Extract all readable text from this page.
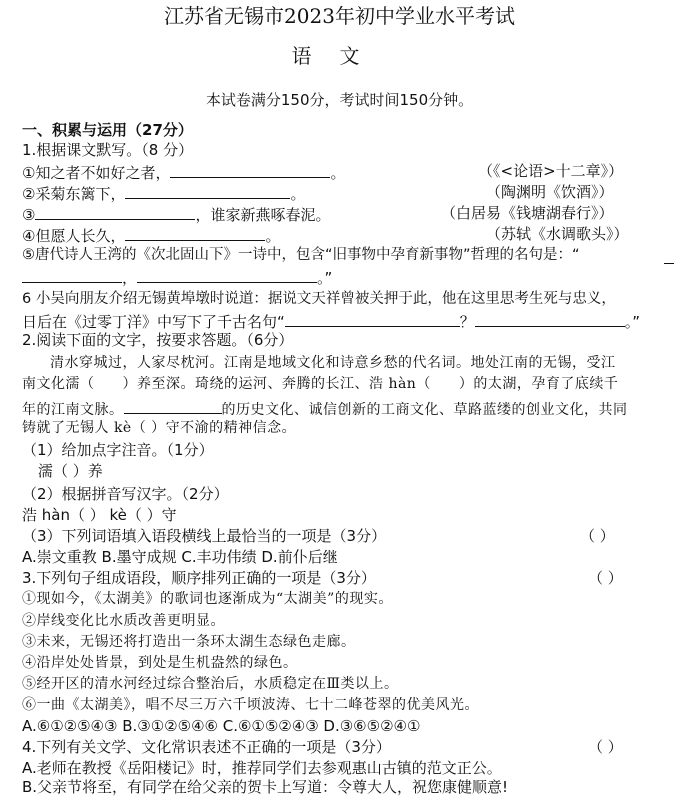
江苏省无锡市2023年初中学业水平考试
语文
本试卷满分150分，考试时间150分钟。
一、积累与运用（27分）
1.根据课文默写。（8 分）
①知之者不如好之者，	。	（《<论语>十二章》）
②采菊东篱下，	。	（陶渊明《饮酒》）
③	，谁家新燕啄春泥。	（白居易《钱塘湖春行》）
④但愿人长久，	。	（苏轼《水调歌头》）
⑤唐代诗人王湾的《次北固山下》一诗中，包含“旧事物中孕育新事物”哲理的名句是：“
，	。”
6 小吴向朋友介绍无锡黄埠墩时说道：据说文天祥曾被关押于此，他在这里思考生死与忠义，
日后在《过零丁洋》中写下了千古名句“	？	。”
2.阅读下面的文字，按要求答题。（6分）
清水穿城过，人家尽枕河。江南是地域文化和诗意乡愁的代名词。地处江南的无锡，受江
南文化濡（ ）养至深。琦绕的运河、奔腾的长江、浩 hàn（ ）的太湖，孕育了底续千
年的江南文脉。	的历史文化、诚信创新的工商文化、草路蓝缕的创业文化，共同
铸就了无锡人 kè（ ）守不渝的精神信念。
（1）给加点字注音。（1分）
濡（ ）养
（2）根据拼音写汉字。（2分）
浩 hàn（ ） kè（ ）守
（3）下列词语填入语段横线上最恰当的一项是（3分）	（ ）
A.崇文重教 B.墨守成规 C.丰功伟绩 D.前仆后继
3.下列句子组成语段，顺序排列正确的一项是（3分）	（ ）
①现如今，《太湖美》的歌词也逐渐成为“太湖美”的现实。
②岸线变化比水质改善更明显。
③未来，无锡还将打造出一条环太湖生态绿色走廊。
④沿岸处处皆景，到处是生机盎然的绿色。
⑤经开区的清水河经过综合整治后，水质稳定在Ⅲ类以上。
⑥一曲《太湖美》，唱不尽三万六千顷波涛、七十二峰苍翠的优美风光。
A.⑥①②⑤④③ B.③①②⑤④⑥ C.⑥①⑤②④③ D.③⑥⑤②④①
4.下列有关文学、文化常识表述不正确的一项是（3分）	（ ）
A.老师在教授《岳阳楼记》时，推荐同学们去参观惠山古镇的范文正公。
B.父亲节将至，有同学在给父亲的贺卡上写道：令尊大人，祝您康健顺意!
